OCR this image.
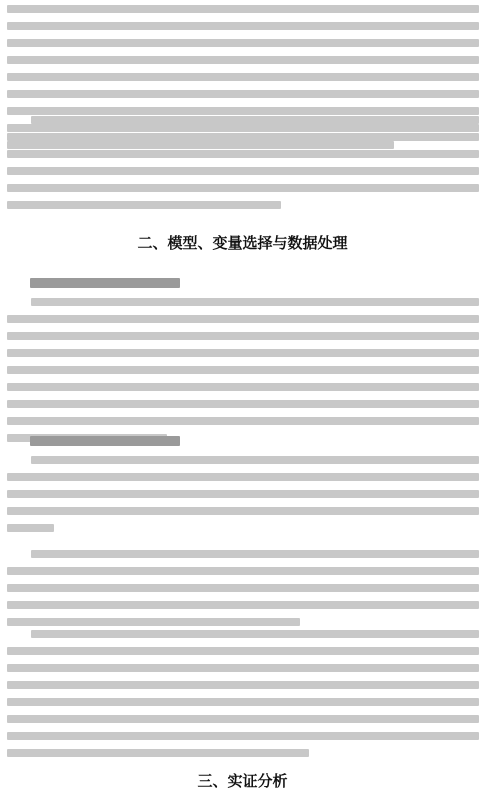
二、模型、变量选择与数据处理
三、实证分析
